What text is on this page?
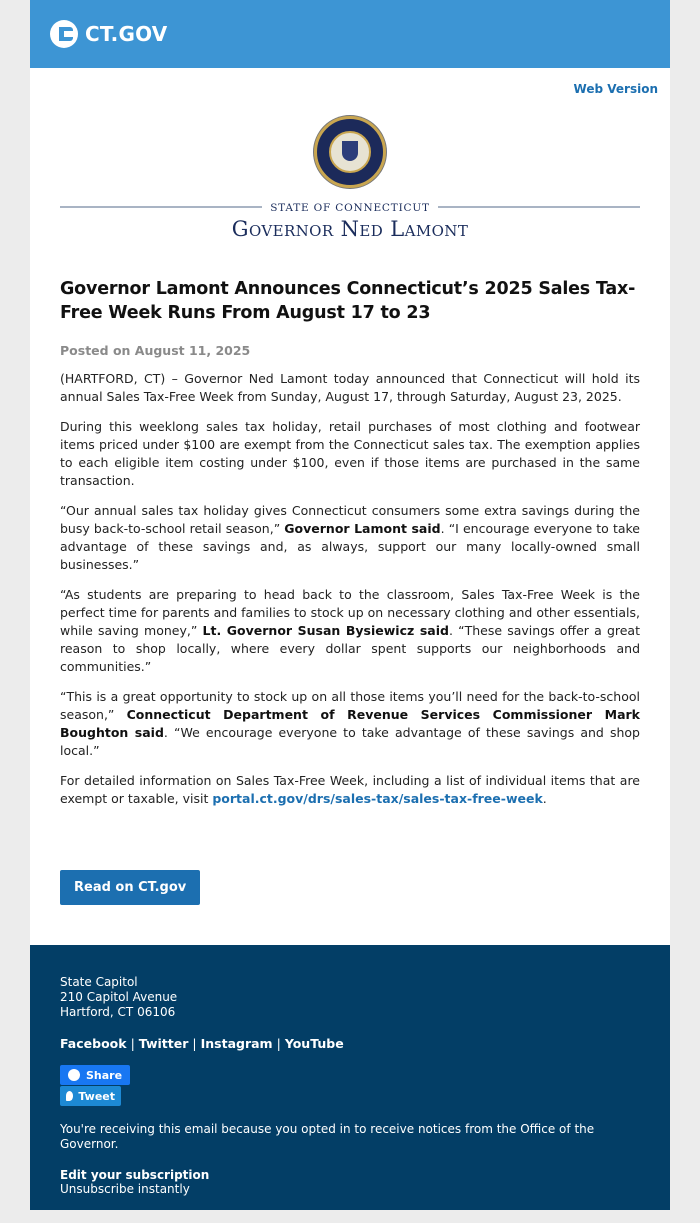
CT.GOV
Web Version
STATE OF CONNECTICUT
Governor Ned Lamont
Governor Lamont Announces Connecticut’s 2025 Sales Tax-Free Week Runs From August 17 to 23
Posted on August 11, 2025

(HARTFORD, CT) – Governor Ned Lamont today announced that Connecticut will hold its annual Sales Tax-Free Week from Sunday, August 17, through Saturday, August 23, 2025.

During this weeklong sales tax holiday, retail purchases of most clothing and footwear items priced under $100 are exempt from the Connecticut sales tax. The exemption applies to each eligible item costing under $100, even if those items are purchased in the same transaction.

“Our annual sales tax holiday gives Connecticut consumers some extra savings during the busy back-to-school retail season,” Governor Lamont said. “I encourage everyone to take advantage of these savings and, as always, support our many locally-owned small businesses.”

“As students are preparing to head back to the classroom, Sales Tax-Free Week is the perfect time for parents and families to stock up on necessary clothing and other essentials, while saving money,” Lt. Governor Susan Bysiewicz said. “These savings offer a great reason to shop locally, where every dollar spent supports our neighborhoods and communities.”

“This is a great opportunity to stock up on all those items you’ll need for the back-to-school season,” Connecticut Department of Revenue Services Commissioner Mark Boughton said. “We encourage everyone to take advantage of these savings and shop local.”

For detailed information on Sales Tax-Free Week, including a list of individual items that are exempt or taxable, visit portal.ct.gov/drs/sales-tax/sales-tax-free-week.

Read on CT.gov
State Capitol
210 Capitol Avenue
Hartford, CT 06106
Facebook | Twitter | Instagram | YouTube
Share
Tweet
You're receiving this email because you opted in to receive notices from the Office of the Governor.
Edit your subscription
Unsubscribe instantly
